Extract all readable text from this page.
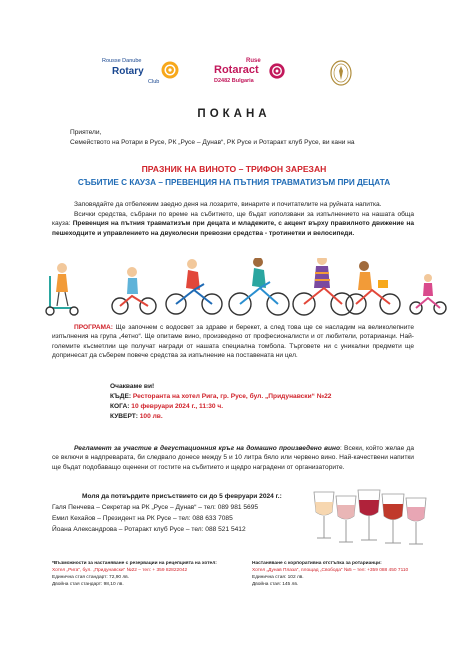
Rousse Danube
Rotary
Club
Ruse
Rotaract
D2482 Bulgaria
ПОКАНА
Приятели,
Семейството на Ротари в Русе, РК „Русе – Дунав“, РК Русе и Ротаракт клуб Русе, ви кани на
ПРАЗНИК НА ВИНОТО – ТРИФОН ЗАРЕЗАН
СЪБИТИЕ С КАУЗА – ПРЕВЕНЦИЯ НА ПЪТНИЯ ТРАВМАТИЗЪМ ПРИ ДЕЦАТА
Заповядайте да отбележим заедно деня на лозарите, винарите и почитателите на руйната напитка.
Всички средства, събрани по време на събитието, ще бъдат използвани за изпълнението на нашата обща кауза: Превенция на пътния травматизъм при децата и младежите, с акцент върху правилното движение на пешеходците и управлението на двуколесни превозни средства - тротинетки и велосипеди.
ПРОГРАМА: Ще започнем с водосвет за здраве и берекет, а след това ще се насладим на великолепните изпълнения на група „4етно“. Ще опитаме вино, произведено от професионалисти и от любители, ротарианци. Най-големите късметлии ще получат награди от нашата специална томбола. Търговете ни с уникални предмети ще допринесат да съберем повече средства за изпълнение на поставената ни цел.
Очакваме ви!
КЪДЕ: Ресторанта на хотел Рига, гр. Русе, бул. „Придунавски“ №22
КОГА: 10 февруари 2024 г., 11:30 ч.
КУВЕРТ: 100 лв.
Регламент за участие в дегустационния кръг на домашно произведено вино: Всеки, който желае да се включи в надпреварата, би следвало донесе между 5 и 10 литра бяло или червено вино. Най-качествени напитки ще бъдат подобаващо оценени от гостите на събитието и щедро наградени от организаторите.
Моля да потвърдите присъствието си до 5 февруари 2024 г.:
Галя Пенчева – Секретар на РК „Русе – Дунав“ – тел: 089 981 5695
Емил Кехайов – Президент на РК Русе – тел: 088 633 7085
Йоана Александрова – Ротаракт клуб Русе – тел: 088 521 5412
*Възможности за настаняване с резервации на рецепцията на хотел:
Хотел „Рига“, бул. „Придунавски“ №22 – тел: + 359 82822042
Единична стая стандарт: 72,90 лв.
Двойна стая стандарт: 98,10 лв.
Настаняване с корпоративна отстъпка за ротарианци:
Хотел „Дунав Плаза“, площад „Свобода“ №5 – тел: +359 088 450 7110
Единична стая: 102 лв.
Двойна стая: 145 лв.
